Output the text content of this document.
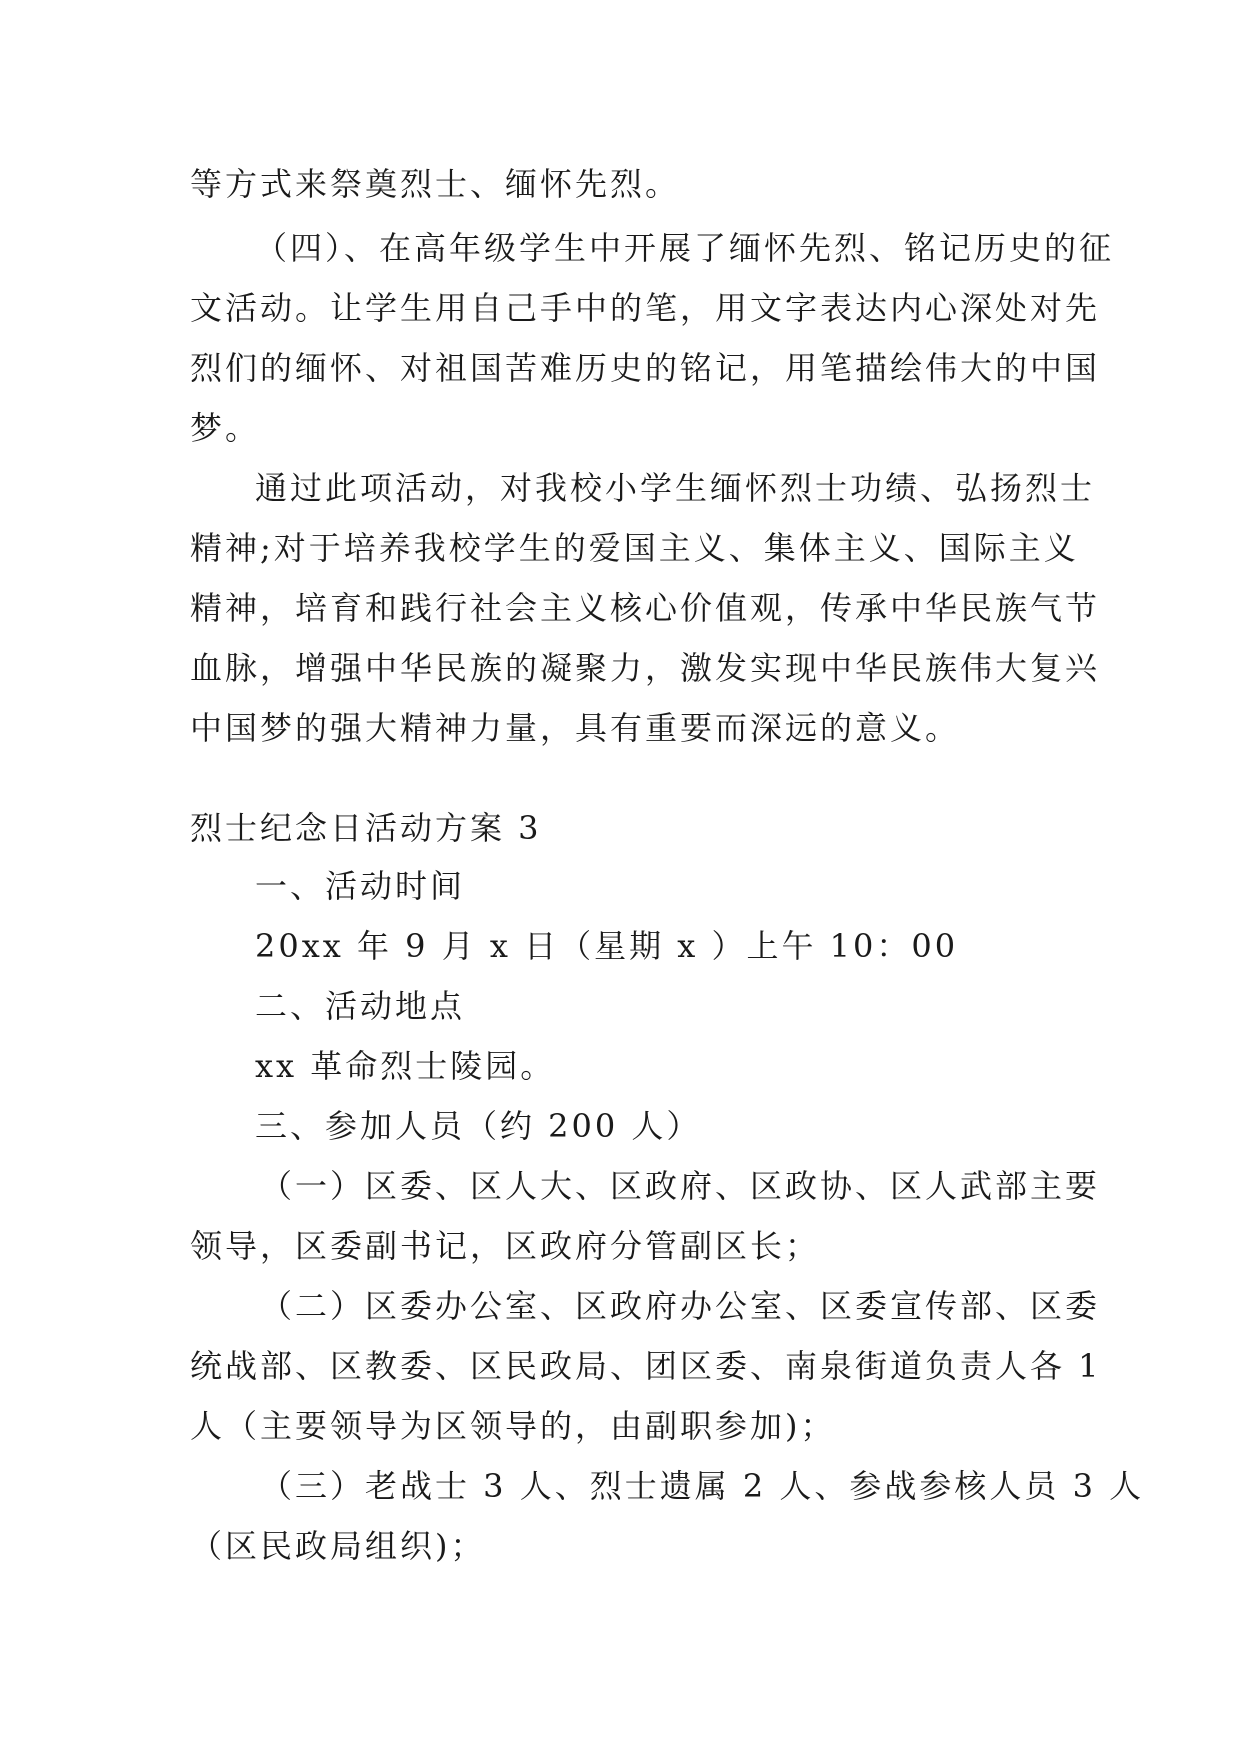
等方式来祭奠烈士、缅怀先烈。
（四）、在高年级学生中开展了缅怀先烈、铭记历史的征
文活动。让学生用自己手中的笔，用文字表达内心深处对先
烈们的缅怀、对祖国苦难历史的铭记，用笔描绘伟大的中国
梦。
通过此项活动，对我校小学生缅怀烈士功绩、弘扬烈士
精神;对于培养我校学生的爱国主义、集体主义、国际主义
精神，培育和践行社会主义核心价值观，传承中华民族气节
血脉，增强中华民族的凝聚力，激发实现中华民族伟大复兴
中国梦的强大精神力量，具有重要而深远的意义。
烈士纪念日活动方案 3
一、活动时间
20xx 年 9 月 x 日（星期 x ）上午 10：00
二、活动地点
xx 革命烈士陵园。
三、参加人员（约 200 人）
（一）区委、区人大、区政府、区政协、区人武部主要
领导，区委副书记，区政府分管副区长；
（二）区委办公室、区政府办公室、区委宣传部、区委
统战部、区教委、区民政局、团区委、南泉街道负责人各 1
人（主要领导为区领导的，由副职参加)；
（三）老战士 3 人、烈士遗属 2 人、参战参核人员 3 人
（区民政局组织)；
